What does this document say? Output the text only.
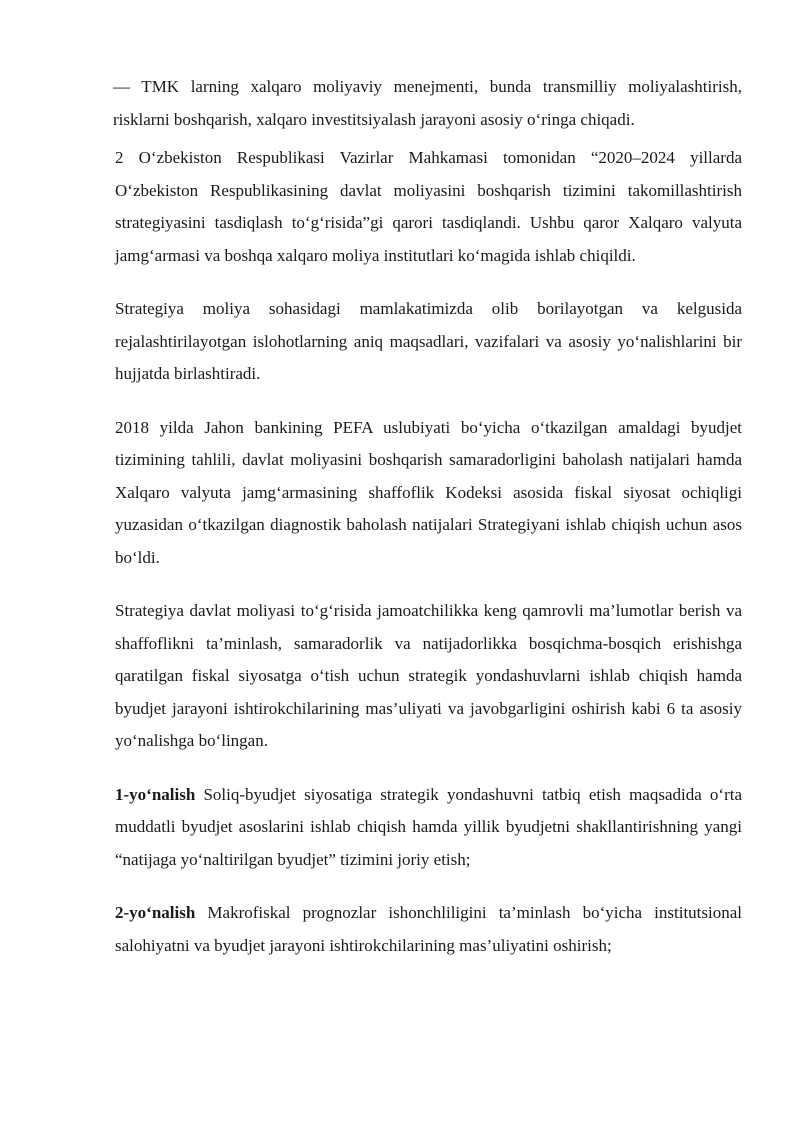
— TMK larning xalqaro moliyaviy menejmenti, bunda transmilliy moliyalashtirish, risklarni boshqarish, xalqaro investitsiyalash jarayoni asosiy o‘ringa chiqadi.

2 O‘zbekiston Respublikasi Vazirlar Mahkamasi tomonidan “2020–2024 yillarda O‘zbekiston Respublikasining davlat moliyasini boshqarish tizimini takomillashtirish strategiyasini tasdiqlash to‘g‘risida”gi qarori tasdiqlandi. Ushbu qaror Xalqaro valyuta jamg‘armasi va boshqa xalqaro moliya institutlari ko‘magida ishlab chiqildi.

Strategiya moliya sohasidagi mamlakatimizda olib borilayotgan va kelgusida rejalashtirilayotgan islohotlarning aniq maqsadlari, vazifalari va asosiy yo‘nalishlarini bir hujjatda birlashtiradi.

2018 yilda Jahon bankining PEFA uslubiyati bo‘yicha o‘tkazilgan amaldagi byudjet tizimining tahlili, davlat moliyasini boshqarish samaradorligini baholash natijalari hamda Xalqaro valyuta jamg‘armasining shaffoflik Kodeksi asosida fiskal siyosat ochiqligi yuzasidan o‘tkazilgan diagnostik baholash natijalari Strategiyani ishlab chiqish uchun asos bo‘ldi.

Strategiya davlat moliyasi to‘g‘risida jamoatchilikka keng qamrovli ma’lumotlar berish va shaffoflikni ta’minlash, samaradorlik va natijadorlikka bosqichma-bosqich erishishga qaratilgan fiskal siyosatga o‘tish uchun strategik yondashuvlarni ishlab chiqish hamda byudjet jarayoni ishtirokchilarining mas’uliyati va javobgarligini oshirish kabi 6 ta asosiy yo‘nalishga bo‘lingan.

1-yo‘nalish Soliq-byudjet siyosatiga strategik yondashuvni tatbiq etish maqsadida o‘rta muddatli byudjet asoslarini ishlab chiqish hamda yillik byudjetni shakllantirishning yangi “natijaga yo‘naltirilgan byudjet” tizimini joriy etish;

2-yo‘nalish Makrofiskal prognozlar ishonchliligini ta’minlash bo‘yicha institutsional salohiyatni va byudjet jarayoni ishtirokchilarining mas’uliyatini oshirish;
